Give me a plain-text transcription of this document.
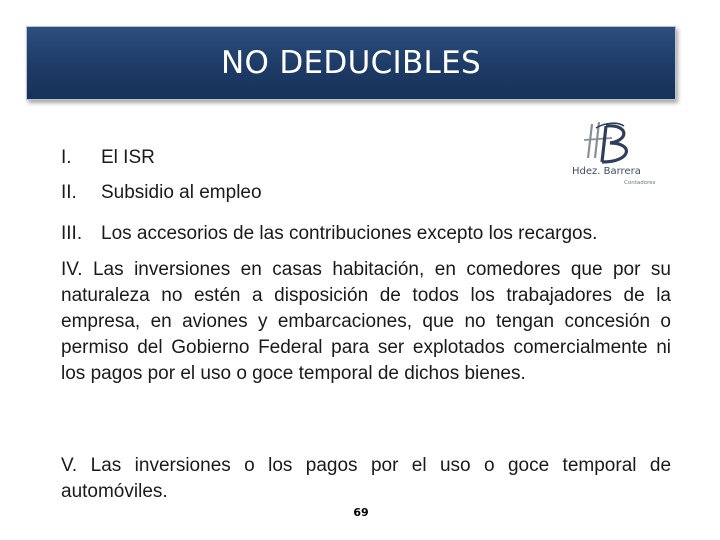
NO DEDUCIBLES
Hdez. Barrera
Contadores
I. El ISR
II. Subsidio al empleo
III. Los accesorios de las contribuciones excepto los recargos.
IV. Las inversiones en casas habitación, en comedores que por su naturaleza no estén a disposición de todos los trabajadores de la empresa, en aviones y embarcaciones, que no tengan concesión o permiso del Gobierno Federal para ser explotados comercialmente ni los pagos por el uso o goce temporal de dichos bienes.
V. Las inversiones o los pagos por el uso o goce temporal de automóviles.
69
